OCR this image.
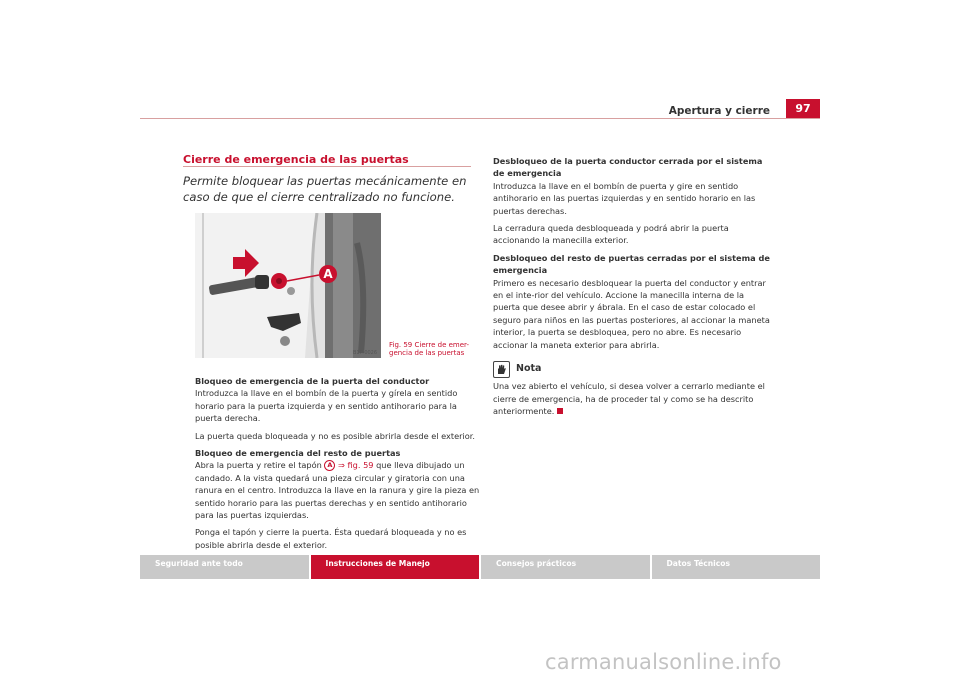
Apertura y cierre	97
Cierre de emergencia de las puertas
Permite bloquear las puertas mecánicamente en caso de que el cierre centralizado no funcione.
A
B1P-0026
Fig. 59 Cierre de emer-gencia de las puertas
Bloqueo de emergencia de la puerta del conductor

Introduzca la llave en el bombín de la puerta y gírela en sentido horario para la puerta izquierda y en sentido antihorario para la puerta derecha.

La puerta queda bloqueada y no es posible abrirla desde el exterior.

Bloqueo de emergencia del resto de puertas

Abra la puerta y retire el tapón A ⇒ fig. 59 que lleva dibujado un candado. A la vista quedará una pieza circular y giratoria con una ranura en el centro. Introduzca la llave en la ranura y gire la pieza en sentido horario para las puertas derechas y en sentido antihorario para las puertas izquierdas.

Ponga el tapón y cierre la puerta. Ésta quedará bloqueada y no es posible abrirla desde el exterior.

Desbloqueo de la puerta conductor cerrada por el sistema de emergencia

Introduzca la llave en el bombín de puerta y gire en sentido antihorario en las puertas izquierdas y en sentido horario en las puertas derechas.

La cerradura queda desbloqueada y podrá abrir la puerta accionando la manecilla exterior.

Desbloqueo del resto de puertas cerradas por el sistema de emergencia

Primero es necesario desbloquear la puerta del conductor y entrar en el inte-rior del vehículo. Accione la manecilla interna de la puerta que desee abrir y ábrala. En el caso de estar colocado el seguro para niños en las puertas posteriores, al accionar la maneta interior, la puerta se desbloquea, pero no abre. Es necesario accionar la maneta exterior para abrirla.

Nota

Una vez abierto el vehículo, si desea volver a cerrarlo mediante el cierre de emergencia, ha de proceder tal y como se ha descrito anteriormente.

Seguridad ante todo	Instrucciones de Manejo	Consejos prácticos	Datos Técnicos
carmanualsonline.info
